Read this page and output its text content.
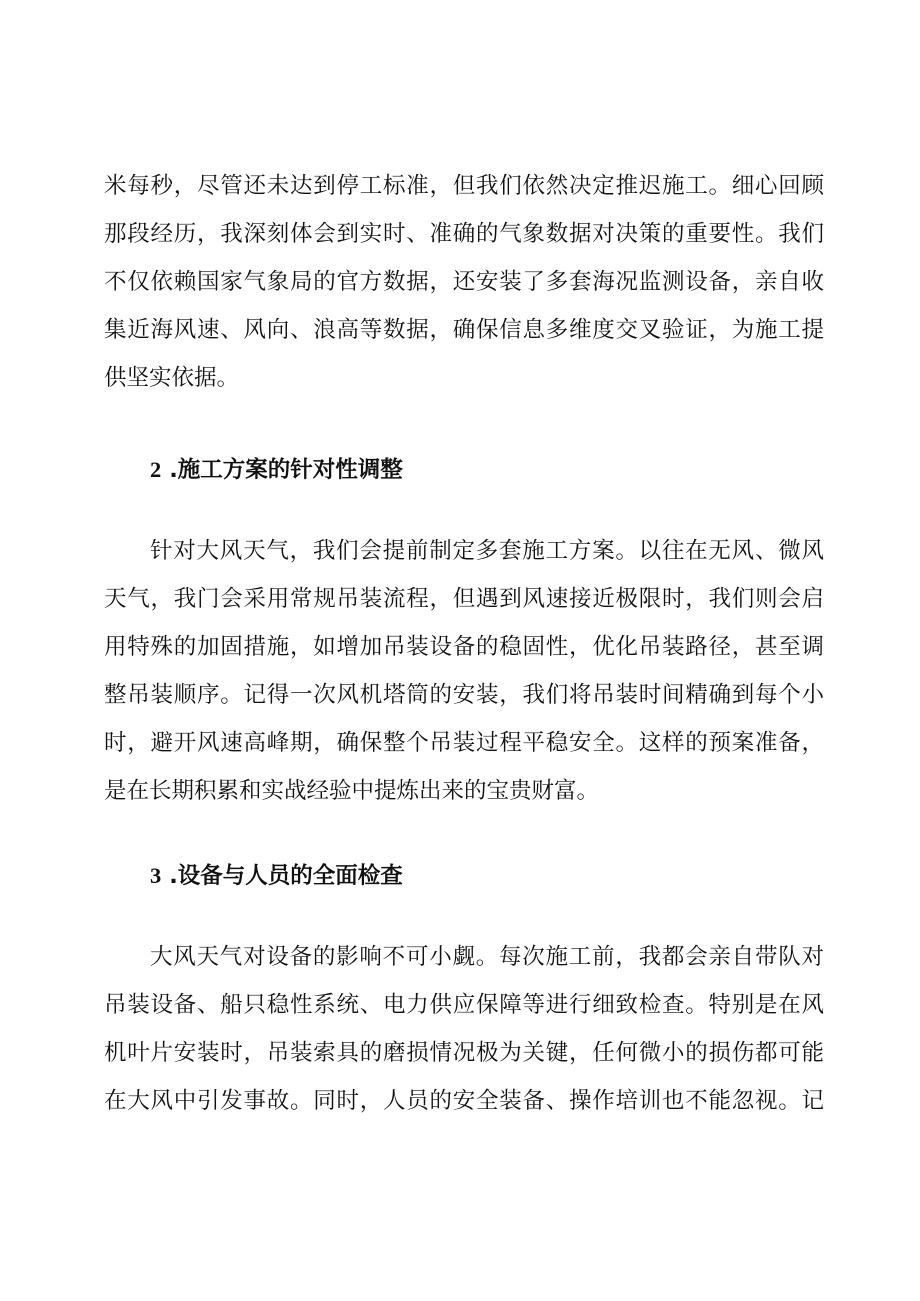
米每秒，尽管还未达到停工标准，但我们依然决定推迟施工。细心回顾
那段经历，我深刻体会到实时、准确的气象数据对决策的重要性。我们
不仅依赖国家气象局的官方数据，还安装了多套海况监测设备，亲自收
集近海风速、风向、浪高等数据，确保信息多维度交叉验证，为施工提
供坚实依据。
2 .施工方案的针对性调整
针对大风天气，我们会提前制定多套施工方案。以往在无风、微风
天气，我门会采用常规吊装流程，但遇到风速接近极限时，我们则会启
用特殊的加固措施，如增加吊装设备的稳固性，优化吊装路径，甚至调
整吊装顺序。记得一次风机塔筒的安装，我们将吊装时间精确到每个小
时，避开风速高峰期，确保整个吊装过程平稳安全。这样的预案准备，
是在长期积累和实战经验中提炼出来的宝贵财富。
3 .设备与人员的全面检查
大风天气对设备的影响不可小觑。每次施工前，我都会亲自带队对
吊装设备、船只稳性系统、电力供应保障等进行细致检查。特别是在风
机叶片安装时，吊装索具的磨损情况极为关键，任何微小的损伤都可能
在大风中引发事故。同时，人员的安全装备、操作培训也不能忽视。记
